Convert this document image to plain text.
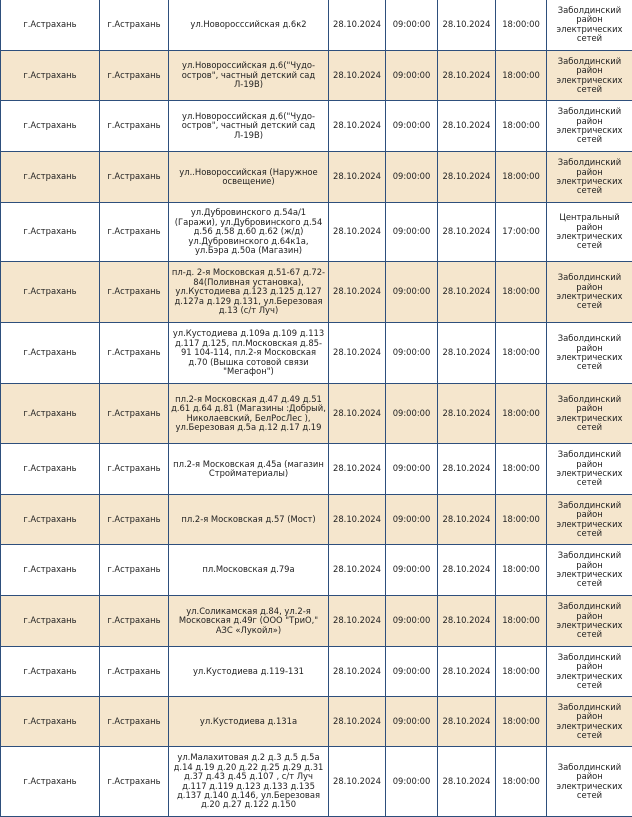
г.Астрахань	г.Астрахань	ул.Новоросссийская д.6к2	28.10.2024	09:00:00	28.10.2024	18:00:00	Заболдинский район электрических сетей
г.Астрахань	г.Астрахань	ул.Новороссийская д.6("Чудо-остров", частный детский сад Л-19В)	28.10.2024	09:00:00	28.10.2024	18:00:00	Заболдинский район электрических сетей
г.Астрахань	г.Астрахань	ул.Новороссийская д.6("Чудо-остров", частный детский сад Л-19В)	28.10.2024	09:00:00	28.10.2024	18:00:00	Заболдинский район электрических сетей
г.Астрахань	г.Астрахань	ул..Новороссийская (Наружное освещение)	28.10.2024	09:00:00	28.10.2024	18:00:00	Заболдинский район электрических сетей
г.Астрахань	г.Астрахань	ул.Дубровинского д.54а/1 (Гаражи), ул.Дубровинского д.54 д.56 д.58 д.60 д.62 (ж/д) ул.Дубровинского д.64к1а, ул.Бэра д.50а (Магазин)	28.10.2024	09:00:00	28.10.2024	17:00:00	Центральный район электрических сетей
г.Астрахань	г.Астрахань	пл-д. 2-я Московская д.51-67 д.72-84(Поливная установка), ул.Кустодиева д.123 д.125 д.127 д.127а д.129 д.131, ул.Березовая д.13 (с/т Луч)	28.10.2024	09:00:00	28.10.2024	18:00:00	Заболдинский район электрических сетей
г.Астрахань	г.Астрахань	ул.Кустодиева д.109а д.109 д.113 д.117 д.125, пл.Московская д.85-91 104-114, пл.2-я Московская д.70 (Вышка сотовой связи "Мегафон")	28.10.2024	09:00:00	28.10.2024	18:00:00	Заболдинский район электрических сетей
г.Астрахань	г.Астрахань	пл.2-я Московская д.47 д.49 д.51 д.61 д.64 д.81 (Магазины :Добрый, Николаевский, БелРосЛес ), ул.Березовая д.5а д.12 д.17 д.19	28.10.2024	09:00:00	28.10.2024	18:00:00	Заболдинский район электрических сетей
г.Астрахань	г.Астрахань	пл.2-я Московская д.45а (магазин Стройматериалы)	28.10.2024	09:00:00	28.10.2024	18:00:00	Заболдинский район электрических сетей
г.Астрахань	г.Астрахань	пл.2-я Московская д.57 (Мост)	28.10.2024	09:00:00	28.10.2024	18:00:00	Заболдинский район электрических сетей
г.Астрахань	г.Астрахань	пл.Московская д.79а	28.10.2024	09:00:00	28.10.2024	18:00:00	Заболдинский район электрических сетей
г.Астрахань	г.Астрахань	ул.Соликамская д.84, ул.2-я Московская д.49г (ООО "ТриО," АЗС «Лукойл»)	28.10.2024	09:00:00	28.10.2024	18:00:00	Заболдинский район электрических сетей
г.Астрахань	г.Астрахань	ул.Кустодиева д.119-131	28.10.2024	09:00:00	28.10.2024	18:00:00	Заболдинский район электрических сетей
г.Астрахань	г.Астрахань	ул.Кустодиева д.131а	28.10.2024	09:00:00	28.10.2024	18:00:00	Заболдинский район электрических сетей
г.Астрахань	г.Астрахань	ул.Малахитовая д.2 д.3 д.5 д.5а д.14 д.19 д.20 д.22 д.25 д.29 д.31 д.37 д.43 д.45 д.107 , с/т Луч д.117 д.119 д.123 д.133 д.135 д.137 д.140 д.146, ул.Березовая д.20 д.27 д.122 д.150	28.10.2024	09:00:00	28.10.2024	18:00:00	Заболдинский район электрических сетей
